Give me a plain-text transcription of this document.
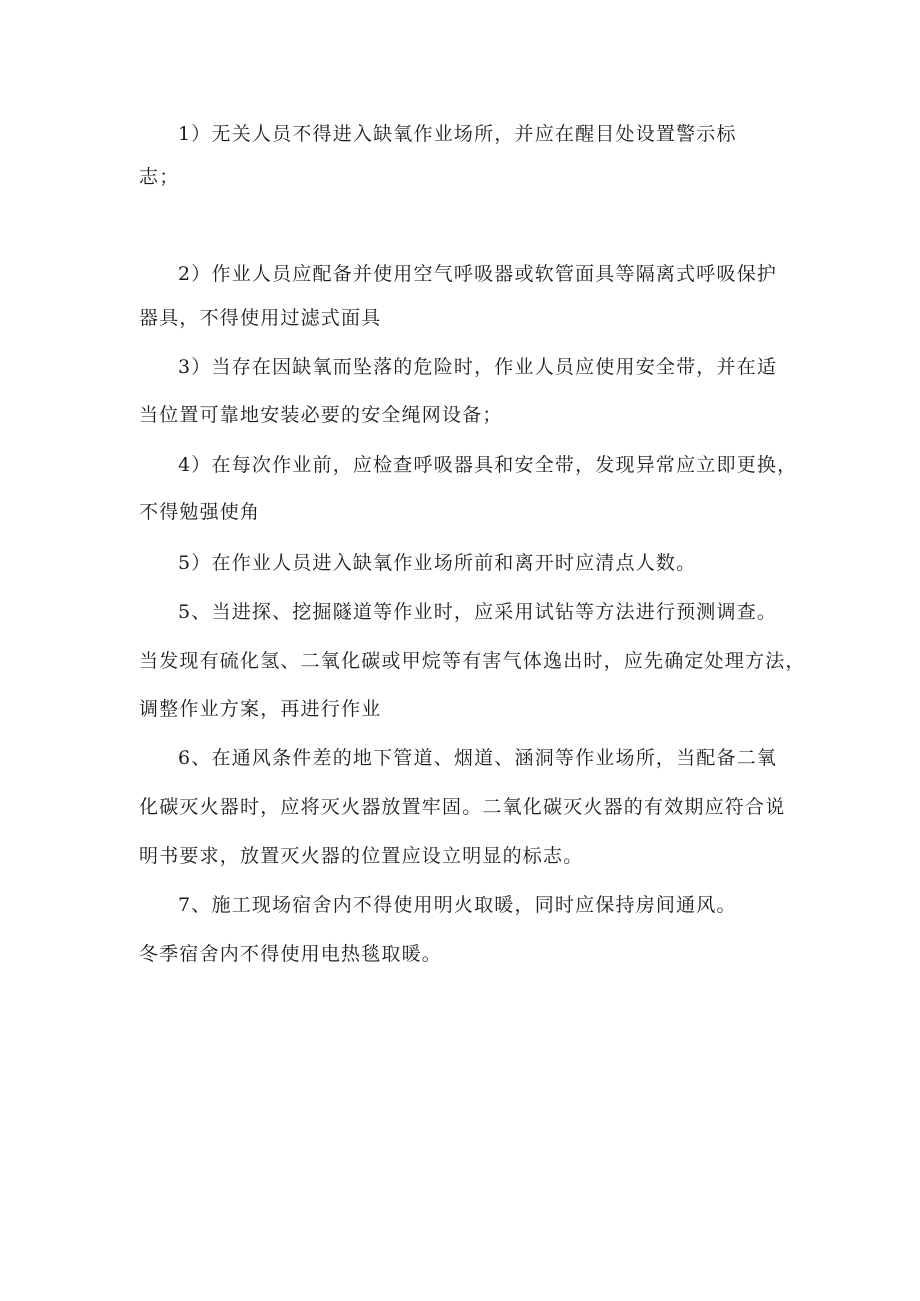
1）无关人员不得进入缺氧作业场所，并应在醒目处设置警示标
志；
2）作业人员应配备并使用空气呼吸器或软管面具等隔离式呼吸保护
器具，不得使用过滤式面具
3）当存在因缺氧而坠落的危险时，作业人员应使用安全带，并在适
当位置可靠地安装必要的安全绳网设备；
4）在每次作业前，应检查呼吸器具和安全带，发现异常应立即更换，
不得勉强使角
5）在作业人员进入缺氧作业场所前和离开时应清点人数。
5、当进探、挖掘隧道等作业时，应采用试钻等方法进行预测调查。
当发现有硫化氢、二氧化碳或甲烷等有害气体逸出时，应先确定处理方法，
调整作业方案，再进行作业
6、在通风条件差的地下管道、烟道、涵洞等作业场所，当配备二氧
化碳灭火器时，应将灭火器放置牢固。二氧化碳灭火器的有效期应符合说
明书要求，放置灭火器的位置应设立明显的标志。
7、施工现场宿舍内不得使用明火取暖，同时应保持房间通风。
冬季宿舍内不得使用电热毯取暖。
